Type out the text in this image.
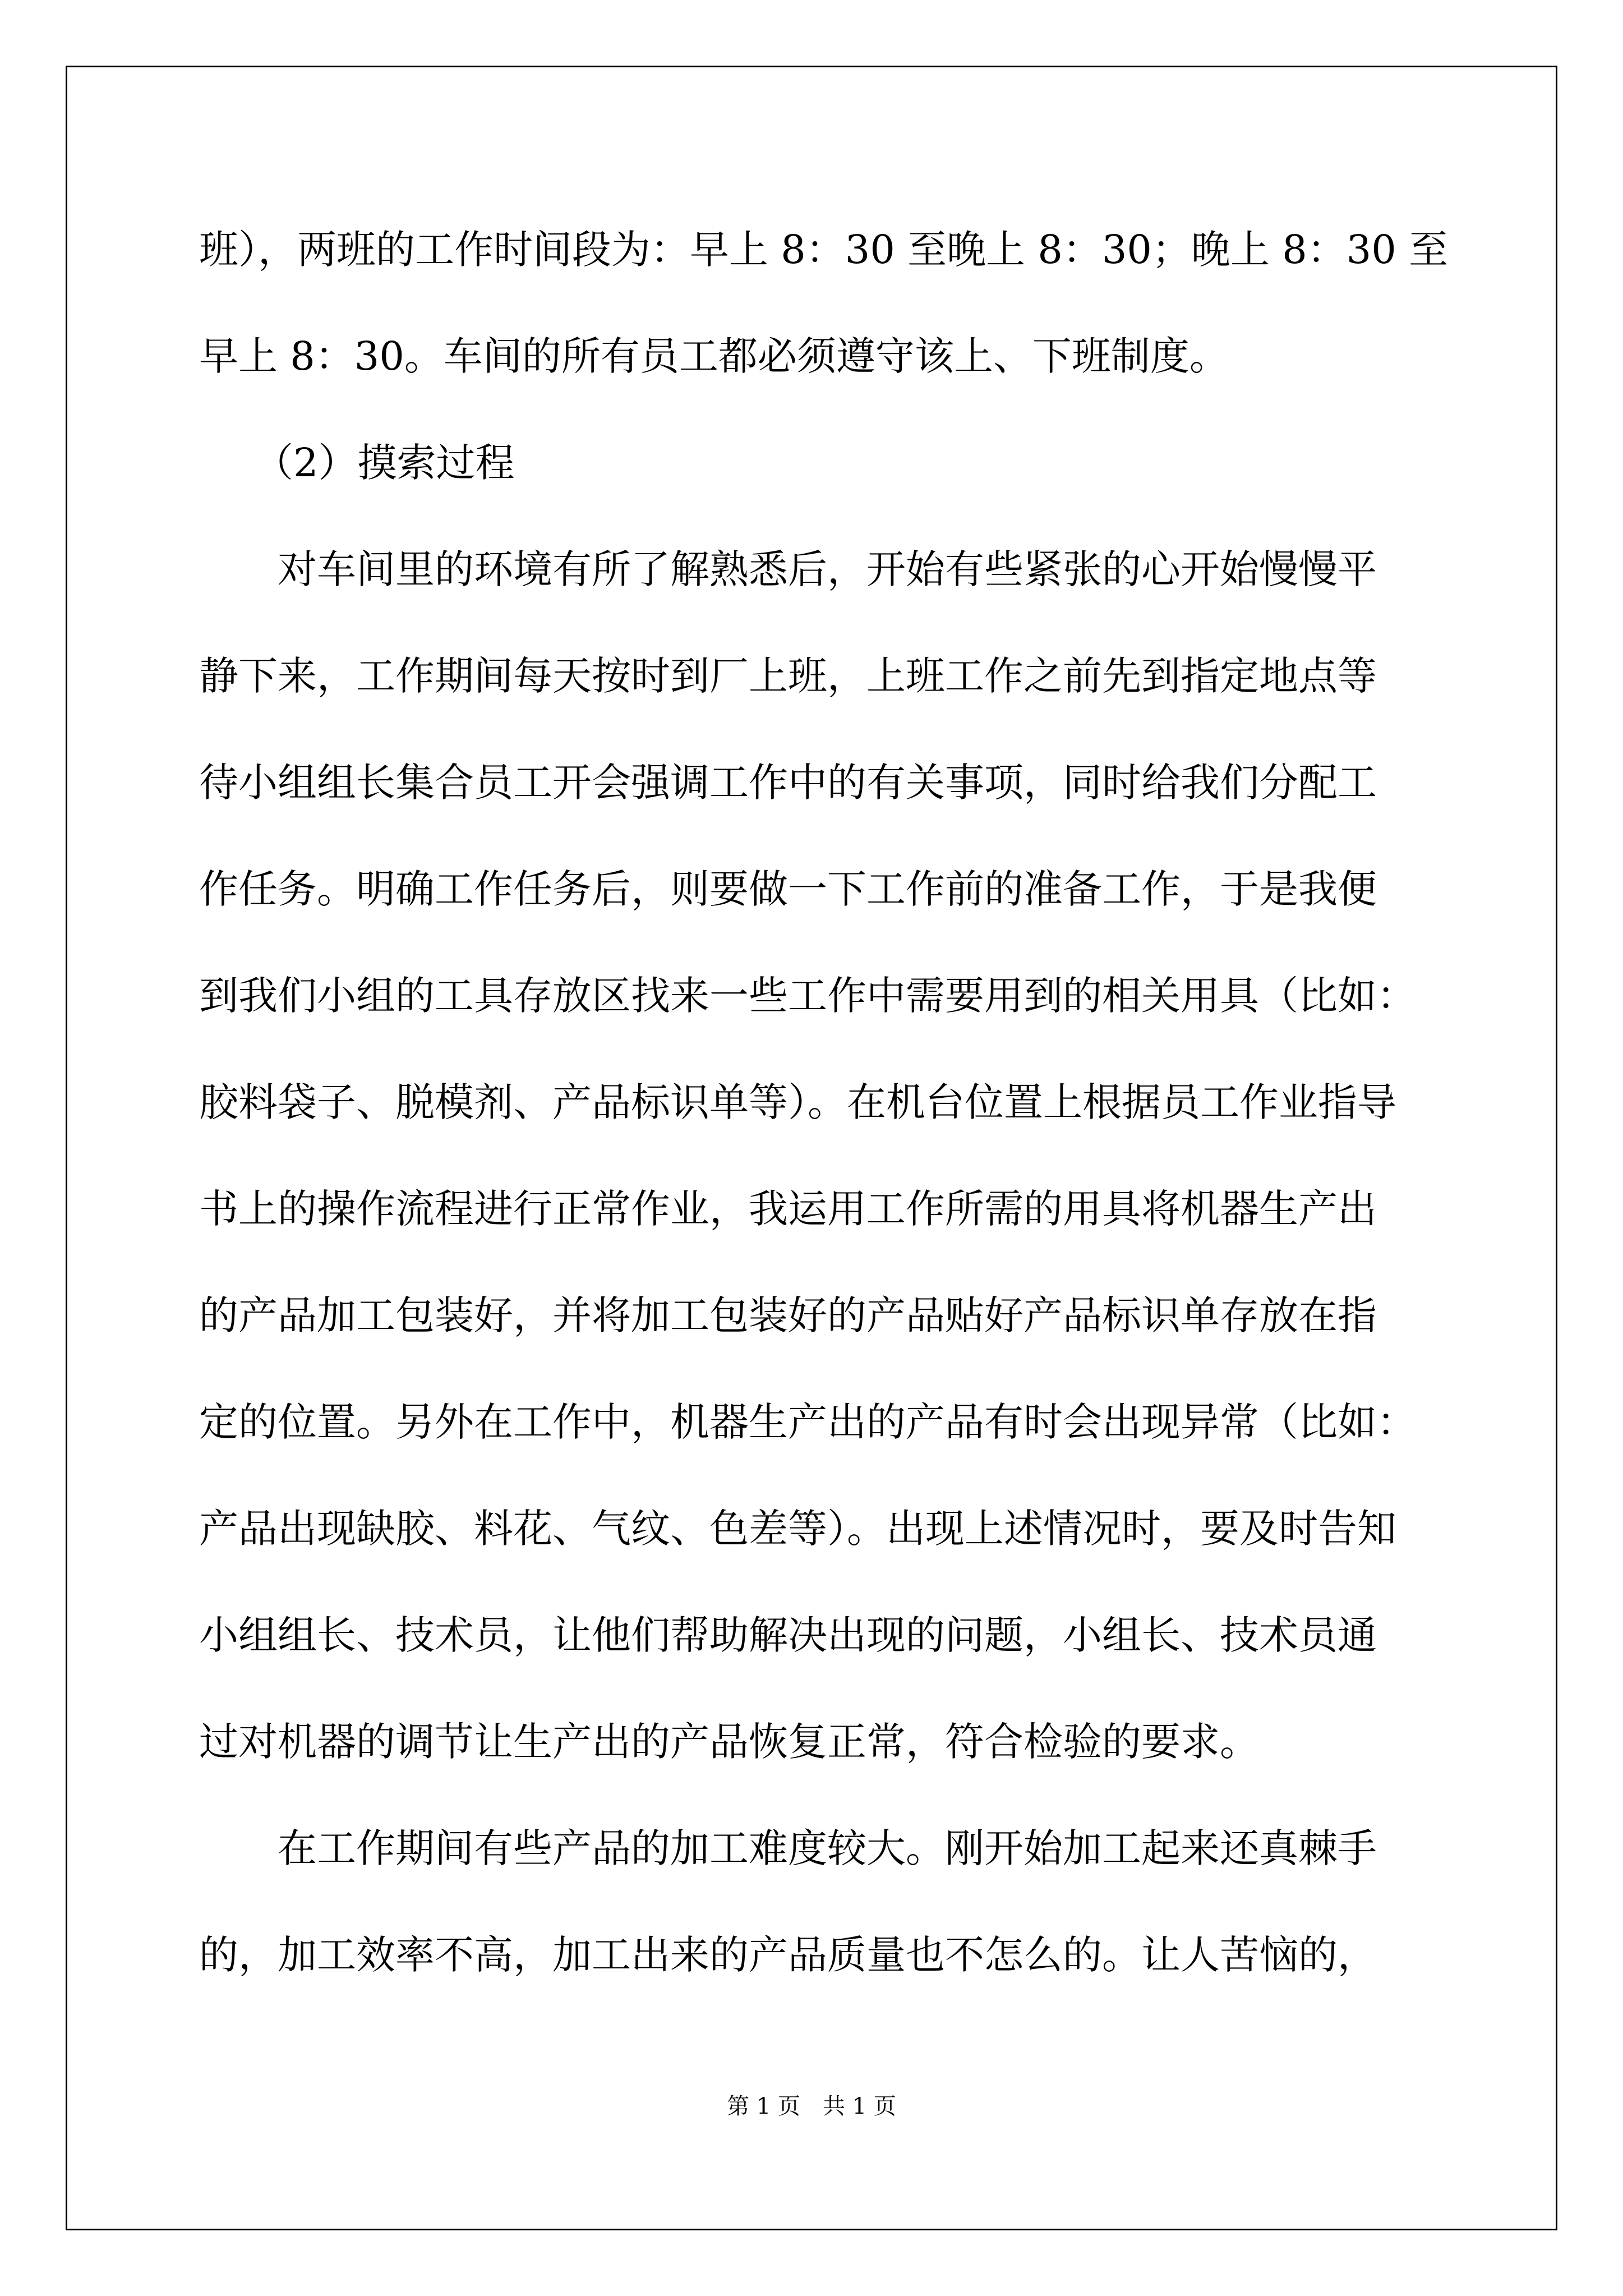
班），两班的工作时间段为：早上 8：30 至晚上 8：30；晚上 8：30 至

早上 8：30。车间的所有员工都必须遵守该上、下班制度。

（2）摸索过程

对车间里的环境有所了解熟悉后，开始有些紧张的心开始慢慢平

静下来，工作期间每天按时到厂上班，上班工作之前先到指定地点等

待小组组长集合员工开会强调工作中的有关事项，同时给我们分配工

作任务。明确工作任务后，则要做一下工作前的准备工作，于是我便

到我们小组的工具存放区找来一些工作中需要用到的相关用具（比如：

胶料袋子、脱模剂、产品标识单等）。在机台位置上根据员工作业指导

书上的操作流程进行正常作业，我运用工作所需的用具将机器生产出

的产品加工包装好，并将加工包装好的产品贴好产品标识单存放在指

定的位置。另外在工作中，机器生产出的产品有时会出现异常（比如：

产品出现缺胶、料花、气纹、色差等）。出现上述情况时，要及时告知

小组组长、技术员，让他们帮助解决出现的问题，小组长、技术员通

过对机器的调节让生产出的产品恢复正常，符合检验的要求。

在工作期间有些产品的加工难度较大。刚开始加工起来还真棘手

的，加工效率不高，加工出来的产品质量也不怎么的。让人苦恼的，

第 1 页　共 1 页
